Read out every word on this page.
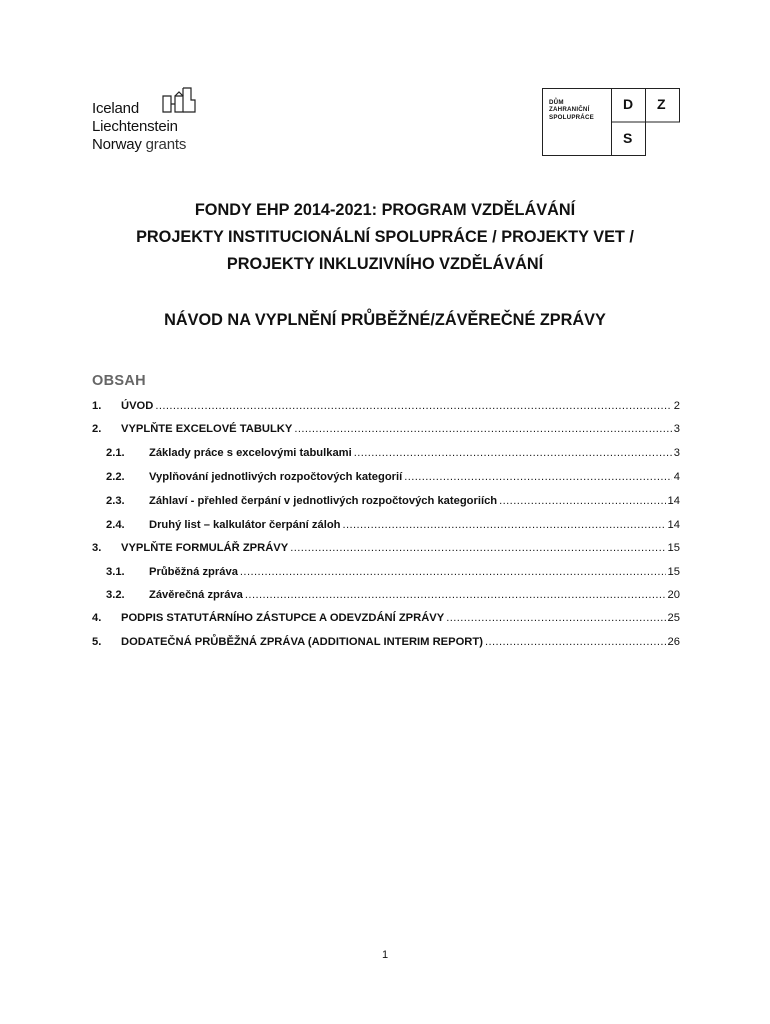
Iceland
Liechtenstein
Norway grants
DŮM
ZAHRANIČNÍ
SPOLUPRÁCE
D Z
S
FONDY EHP 2014-2021: PROGRAM VZDĚLÁVÁNÍ
PROJEKTY INSTITUCIONÁLNÍ SPOLUPRÁCE / PROJEKTY VET /
PROJEKTY INKLUZIVNÍHO VZDĚLÁVÁNÍ
NÁVOD NA VYPLNĚNÍ PRŮBĚŽNÉ/ZÁVĚREČNÉ ZPRÁVY
OBSAH
1.	ÚVOD .....	2
2.	VYPLŇTE EXCELOVÉ TABULKY .....	3
2.1.	Základy práce s excelovými tabulkami .....	3
2.2.	Vyplňování jednotlivých rozpočtových kategorií .....	4
2.3.	Záhlaví - přehled čerpání v jednotlivých rozpočtových kategoriích .....	14
2.4.	Druhý list – kalkulátor čerpání záloh .....	14
3.	VYPLŇTE FORMULÁŘ ZPRÁVY .....	15
3.1.	Průběžná zpráva .....	15
3.2.	Závěrečná zpráva .....	20
4.	PODPIS STATUTÁRNÍHO ZÁSTUPCE A ODEVZDÁNÍ ZPRÁVY .....	25
5.	DODATEČNÁ PRŮBĚŽNÁ ZPRÁVA (ADDITIONAL INTERIM REPORT) .....	26
1
